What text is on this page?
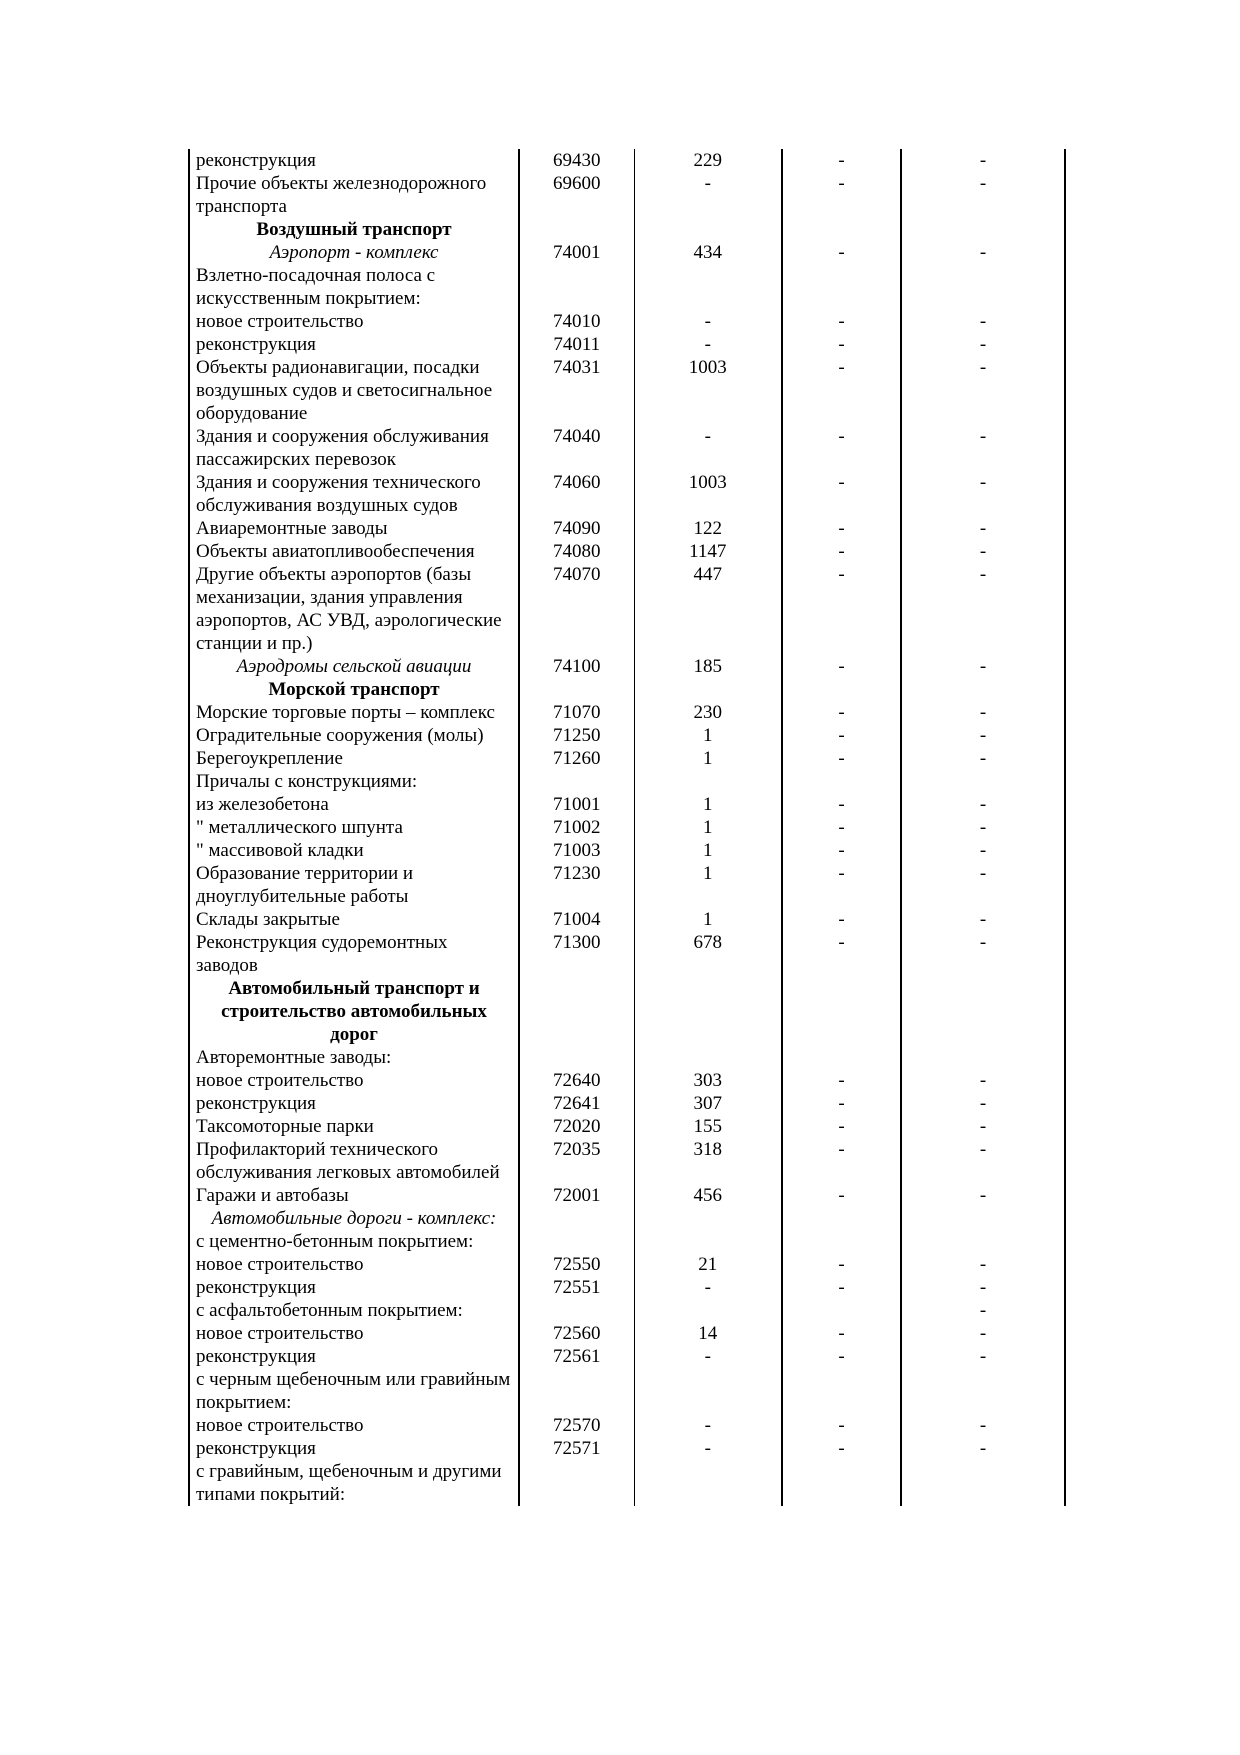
реконструкция	69430	229	-	-
Прочие объекты железнодорожного транспорта	69600	-	-	-
Воздушный транспорт				
Аэропорт - комплекс	74001	434	-	-
Взлетно-посадочная полоса с искусственным покрытием:				
новое строительство	74010	-	-	-
реконструкция	74011	-	-	-
Объекты радионавигации, посадки воздушных судов и светосигнальное оборудование	74031	1003	-	-
Здания и сооружения обслуживания пассажирских перевозок	74040	-	-	-
Здания и сооружения технического обслуживания воздушных судов	74060	1003	-	-
Авиаремонтные заводы	74090	122	-	-
Объекты авиатопливообеспечения	74080	1147	-	-
Другие объекты аэропортов (базы механизации, здания управления аэропортов, АС УВД, аэрологические станции и пр.)	74070	447	-	-
Аэродромы сельской авиации	74100	185	-	-
Морской транспорт				
Морские торговые порты – комплекс	71070	230	-	-
Оградительные сооружения (молы)	71250	1	-	-
Берегоукрепление	71260	1	-	-
Причалы с конструкциями:				
из железобетона	71001	1	-	-
" металлического шпунта	71002	1	-	-
" массивовой кладки	71003	1	-	-
Образование территории и дноуглубительные работы	71230	1	-	-
Склады закрытые	71004	1	-	-
Реконструкция судоремонтных заводов	71300	678	-	-
Автомобильный транспорт и строительство автомобильных дорог				
Авторемонтные заводы:				
новое строительство	72640	303	-	-
реконструкция	72641	307	-	-
Таксомоторные парки	72020	155	-	-
Профилакторий технического обслуживания легковых автомобилей	72035	318	-	-
Гаражи и автобазы	72001	456	-	-
Автомобильные дороги - комплекс:				
с цементно-бетонным покрытием:				
новое строительство	72550	21	-	-
реконструкция	72551	-	-	-
с асфальтобетонным покрытием:				-
новое строительство	72560	14	-	-
реконструкция	72561	-	-	-
с черным щебеночным или гравийным покрытием:				
новое строительство	72570	-	-	-
реконструкция	72571	-	-	-
с гравийным, щебеночным и другими типами покрытий:				
